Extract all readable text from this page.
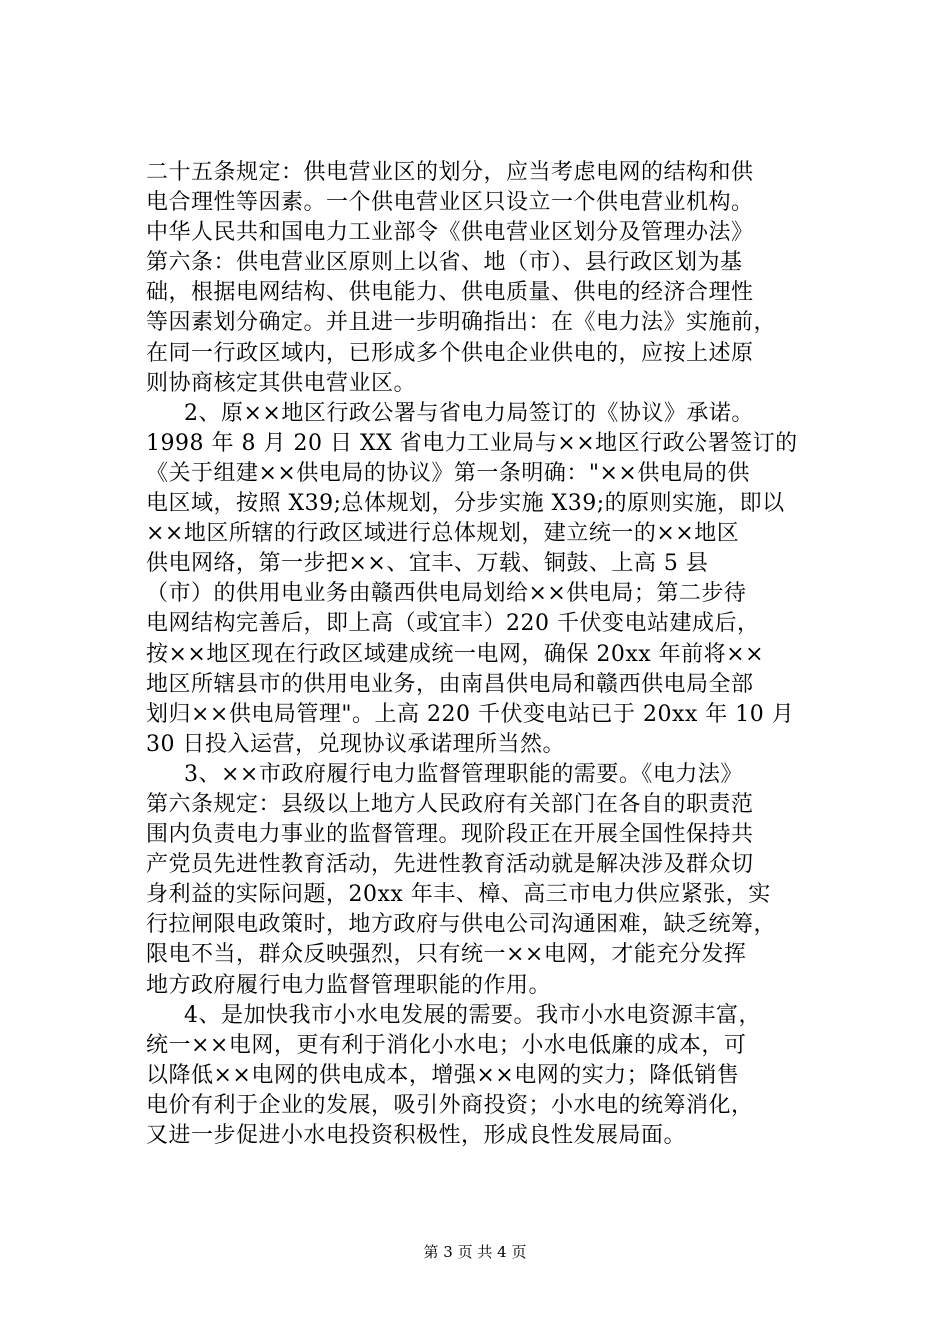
二十五条规定：供电营业区的划分，应当考虑电网的结构和供
电合理性等因素。一个供电营业区只设立一个供电营业机构。
中华人民共和国电力工业部令《供电营业区划分及管理办法》
第六条：供电营业区原则上以省、地（市）、县行政区划为基
础，根据电网结构、供电能力、供电质量、供电的经济合理性
等因素划分确定。并且进一步明确指出：在《电力法》实施前，
在同一行政区域内，已形成多个供电企业供电的，应按上述原
则协商核定其供电营业区。
2、原××地区行政公署与省电力局签订的《协议》承诺。
1998 年 8 月 20 日 XX 省电力工业局与××地区行政公署签订的
《关于组建××供电局的协议》第一条明确："××供电局的供
电区域，按照 X39;总体规划，分步实施 X39;的原则实施，即以
××地区所辖的行政区域进行总体规划，建立统一的××地区
供电网络，第一步把××、宜丰、万载、铜鼓、上高 5 县
（市）的供用电业务由赣西供电局划给××供电局；第二步待
电网结构完善后，即上高（或宜丰）220 千伏变电站建成后，
按××地区现在行政区域建成统一电网，确保 20xx 年前将××
地区所辖县市的供用电业务，由南昌供电局和赣西供电局全部
划归××供电局管理"。上高 220 千伏变电站已于 20xx 年 10 月
30 日投入运营，兑现协议承诺理所当然。
3、××市政府履行电力监督管理职能的需要。《电力法》
第六条规定：县级以上地方人民政府有关部门在各自的职责范
围内负责电力事业的监督管理。现阶段正在开展全国性保持共
产党员先进性教育活动，先进性教育活动就是解决涉及群众切
身利益的实际问题，20xx 年丰、樟、高三市电力供应紧张，实
行拉闸限电政策时，地方政府与供电公司沟通困难，缺乏统筹，
限电不当，群众反映强烈，只有统一××电网，才能充分发挥
地方政府履行电力监督管理职能的作用。
4、是加快我市小水电发展的需要。我市小水电资源丰富，
统一××电网，更有利于消化小水电；小水电低廉的成本，可
以降低××电网的供电成本，增强××电网的实力；降低销售
电价有利于企业的发展，吸引外商投资；小水电的统筹消化，
又进一步促进小水电投资积极性，形成良性发展局面。
第 3 页 共 4 页
